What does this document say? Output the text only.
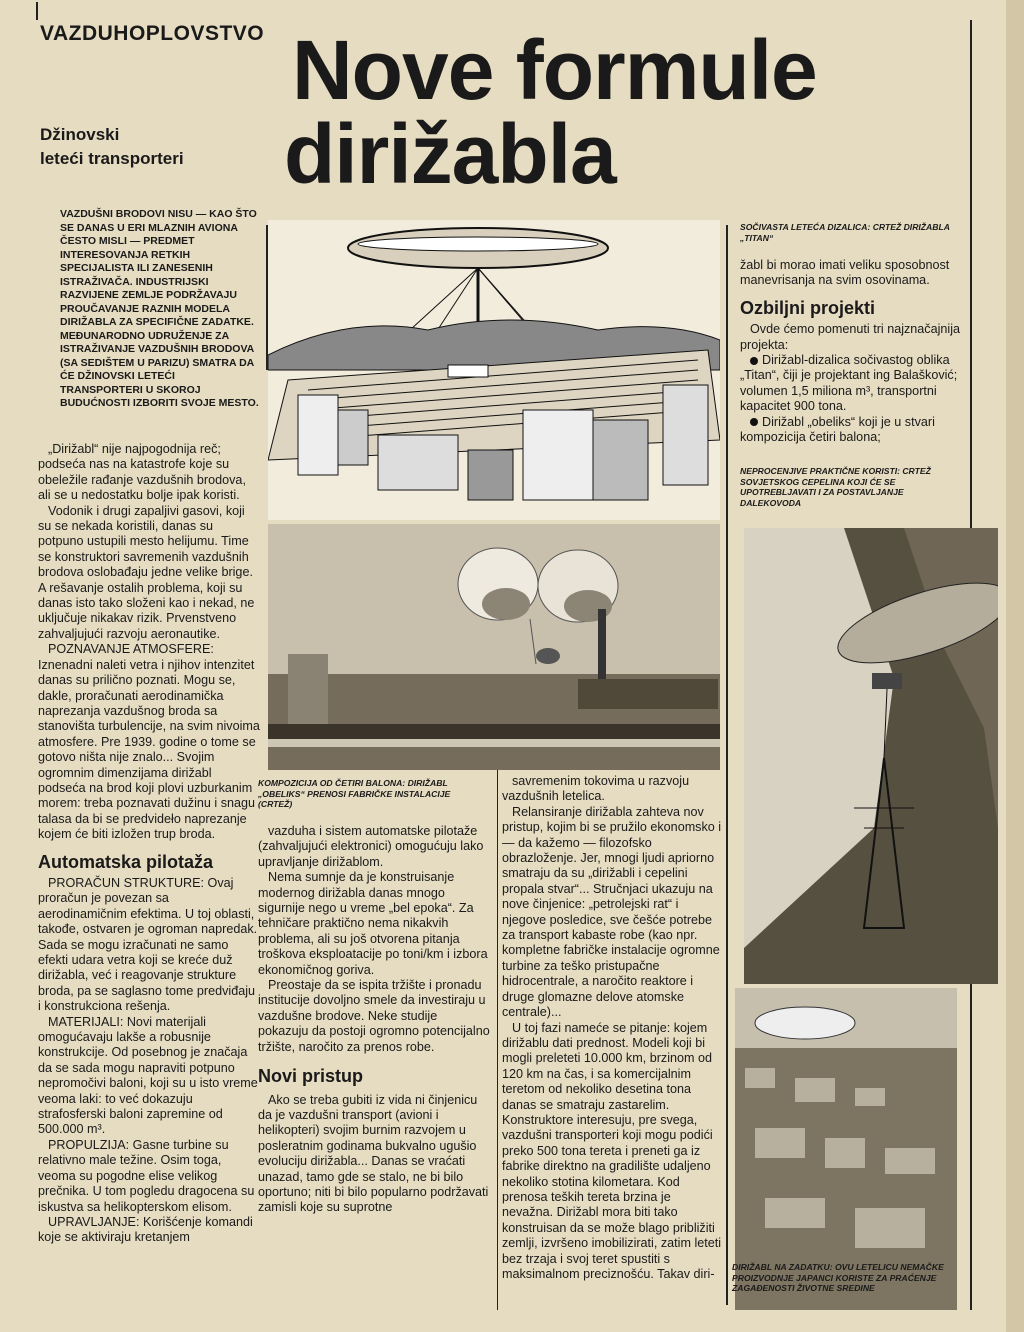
VAZDUHOPLOVSTVO
Džinovski
leteći transporteri
Nove formule
dirižabla
VAZDUŠNI BRODOVI NISU — KAO ŠTO SE DANAS U ERI MLAZNIH AVIONA ČESTO MISLI — PREDMET INTERESOVANJA RETKIH SPECIJALISTA ILI ZANESENIH ISTRAŽIVAČA. INDUSTRIJSKI RAZVIJENE ZEMLJE PODRŽAVAJU PROUČAVANJE RAZNIH MODELA DIRIŽABLA ZA SPECIFIČNE ZADATKE. MEĐUNARODNO UDRUŽENJE ZA ISTRAŽIVANJE VAZDUŠNIH BRODOVA (SA SEDIŠTEM U PARIZU) SMATRA DA ĆE DŽINOVSKI LETEĆI TRANSPORTERI U SKOROJ BUDUĆNOSTI IZBORITI SVOJE MESTO.

„Dirižabl“ nije najpogodnija reč; podseća nas na katastrofe koje su obeležile rađanje vazdušnih brodova, ali se u nedostatku bolje ipak koristi.

Vodonik i drugi zapaljivi gasovi, koji su se nekada koristili, danas su potpuno ustupili mesto helijumu. Time se konstruktori savremenih vazdušnih brodova oslobađaju jedne velike brige. A rešavanje ostalih problema, koji su danas isto tako složeni kao i nekad, ne uključuje nikakav rizik. Prvenstveno zahvaljujući razvoju aeronautike.

POZNAVANJE ATMOSFERE: Iznenadni naleti vetra i njihov intenzitet danas su prilično poznati. Mogu se, dakle, proračunati aerodinamička naprezanja vazdušnog broda sa stanovišta turbulencije, na svim nivoima atmosfere. Pre 1939. godine o tome se gotovo ništa nije znalo... Svojim ogromnim dimenzijama dirižabl podseća na brod koji plovi uzburkanim morem: treba poznavati dužinu i snagu talasa da bi se predvideło naprezanje kojem će biti izložen trup broda.

Automatska pilotaža

PRORAČUN STRUKTURE: Ovaj proračun je povezan sa aerodinamičnim efektima. U toj oblasti, takođe, ostvaren je ogroman napredak. Sada se mogu izračunati ne samo efekti udara vetra koji se kreće duž dirižabla, već i reagovanje strukture broda, pa se saglasno tome predviđaju i konstrukciona rešenja.

MATERIJALI: Novi materijali omogućavaju lakše a robusnije konstrukcije. Od posebnog je značaja da se sada mogu napraviti potpuno nepromočivi baloni, koji su u isto vreme veoma laki: to već dokazuju strafosferski baloni zapremine od 500.000 m³.

PROPULZIJA: Gasne turbine su relativno male težine. Osim toga, veoma su pogodne elise velikog prečnika. U tom pogledu dragocena su iskustva sa helikopterskom elisom.

UPRAVLJANJE: Korišćenje komandi koje se aktiviraju kretanjem

KOMPOZICIJA OD ČETIRI BALONA: DIRIŽABL „OBELIKS“ PRENOSI FABRIČKE INSTALACIJE (CRTEŽ)

vazduha i sistem automatske pilotaže (zahvaljujući elektronici) omogućuju lako upravljanje dirižablom.

Nema sumnje da je konstruisanje modernog dirižabla danas mnogo sigurnije nego u vreme „bel epoka“. Za tehničare praktično nema nikakvih problema, ali su još otvorena pitanja troškova eksploatacije po toni/km i izbora ekonomičnog goriva.

Preostaje da se ispita tržište i pronadu institucije dovoljno smele da investiraju u vazdušne brodove. Neke studije pokazuju da postoji ogromno potencijalno tržište, naročito za prenos robe.

Novi pristup

Ako se treba gubiti iz vida ni činjenicu da je vazdušni transport (avioni i helikopteri) svojim burnim razvojem u posleratnim godinama bukvalno ugušio evoluciju dirižabla... Danas se vraćati unazad, tamo gde se stalo, ne bi bilo oportuno; niti bi bilo popularno podržavati zamisli koje su suprotne

savremenim tokovima u razvoju vazdušnih letelica.

Relansiranje dirižabla zahteva nov pristup, kojim bi se pružilo ekonomsko i — da kažemo — filozofsko obrazloženje. Jer, mnogi ljudi apriorno smatraju da su „dirižabli i cepelini propala stvar“... Stručnjaci ukazuju na nove činjenice: „petrolejski rat“ i njegove posledice, sve češće potrebe za transport kabaste robe (kao npr. kompletne fabričke instalacije ogromne turbine za teško pristupačne hidrocentrale, a naročito reaktore i druge glomazne delove atomske centrale)...

U toj fazi nameće se pitanje: kojem dirižablu dati prednost. Modeli koji bi mogli preleteti 10.000 km, brzinom od 120 km na čas, i sa komercijalnim teretom od nekoliko desetina tona danas se smatraju zastarelim. Konstruktore interesuju, pre svega, vazdušni transporteri koji mogu podići preko 500 tona tereta i preneti ga iz fabrike direktno na gradilište udaljeno nekoliko stotina kilometara. Kod prenosa teških tereta brzina je nevažna. Dirižabl mora biti tako konstruisan da se može blago približiti zemlji, izvršeno imobilizirati, zatim leteti bez trzaja i svoj teret spustiti s maksimalnom preciznošću. Takav diri-

SOČIVASTA LETEĆA DIZALICA: CRTEŽ DIRIŽABLA „TITAN“

žabl bi morao imati veliku sposobnost manevrisanja na svim osovinama.

Ozbiljni projekti

Ovde ćemo pomenuti tri najznačajnija projekta:

Dirižabl-dizalica sočivastog oblika „Titan“, čiji je projektant ing Balašković; volumen 1,5 miliona m³, transportni kapacitet 900 tona.
Dirižabl „obeliks“ koji je u stvari kompozicija četiri balona;
NEPROCENJIVE PRAKTIČNE KORISTI: CRTEŽ SOVJETSKOG CEPELINA KOJI ĆE SE UPOTREBLJAVATI I ZA POSTAVLJANJE DALEKOVODA
DIRIŽABL NA ZADATKU: OVU LETELICU NEMAČKE PROIZVODNJE JAPANCI KORISTE ZA PRAĆENJE ZAGAĐENOSTI ŽIVOTNE SREDINE
